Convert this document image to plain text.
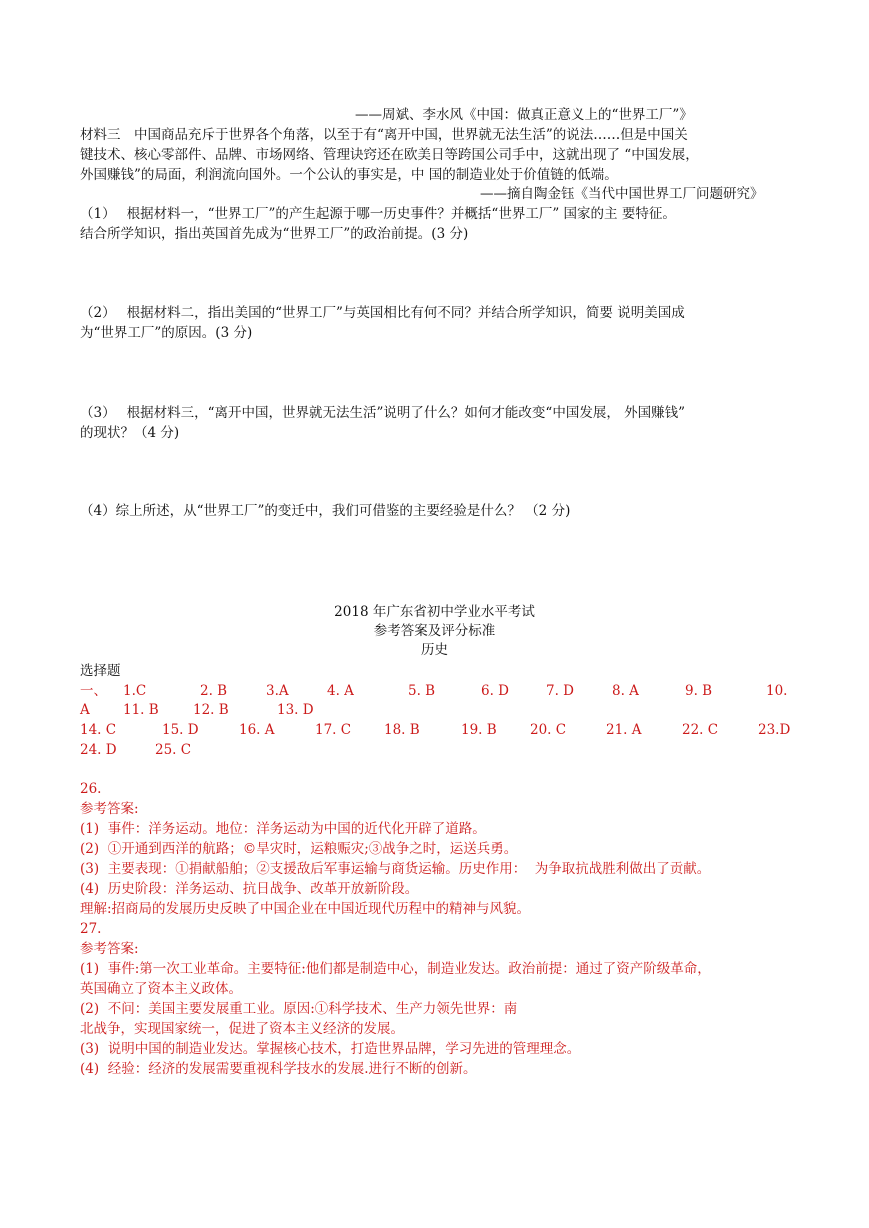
——周斌、李水风《中国：做真正意义上的“世界工厂”》
材料三　中国商品充斥于世界各个角落，以至于有“离开中国，世界就无法生活”的说法……但是中国关
键技术、核心零部件、品牌、市场网络、管理诀窍还在欧美日等跨国公司手中，这就出现了 “中国发展，
外国赚钱”的局面，利润流向国外。一个公认的事实是，中 国的制造业处于价值链的低端。
——摘自陶金钰《当代中国世界工厂问题研究》
（1）　 根据材料一，“世界工厂”的产生起源于哪一历史事件？并概括“世界工厂” 国家的主 要特征。
结合所学知识，指出英国首先成为“世界工厂”的政治前提。(3 分)
（2）　 根据材料二，指出美国的“世界工厂”与英国相比有何不同？并结合所学知识，简要 说明美国成
为“世界工厂”的原因。(3 分)
（3）　 根据材料三，“离开中国，世界就无法生活”说明了什么？如何才能改变“中国发展， 外国赚钱”
的现状？（4 分)
（4）综上所述，从“世界工厂”的变迁中，我们可借鉴的主要经验是什么？ （2 分)
2018 年广东省初中学业水平考试
参考答案及评分标准
历史
选择题
一、 1.C	2. B	3.A	4. A	5. B	6. D	7. D	8. A	9. B	10.
A 11. B	12. B	13. D
14. C	15. D	16. A	17. C 18. B	19. B 20. C	21. A	22. C	23.D
24. D	25. C
26.
参考答案:
(1)  事件：洋务运动。地位：洋务运动为中国的近代化开辟了道路。
(2)  ①开通到西洋的航路；©旱灾时，运粮赈灾;③战争之时，运送兵勇。
(3)  主要表现：①捐献船舶；②支援敌后军事运输与商货运输。历史作用：  为争取抗战胜利做出了贡献。
(4)  历史阶段：洋务运动、抗日战争、改革开放新阶段。
理解:招商局的发展历史反映了中国企业在中国近现代历程中的精神与风貌。
27.
参考答案:
(1)  事件:第一次工业革命。主要特征:他们都是制造中心，制造业发达。政治前提：通过了资产阶级革命，
英国确立了资本主义政体。
(2)  不问：美国主要发展重工业。原因:①科学技术、生产力领先世界：南
北战争，实现国家统一，促进了资本主义经济的发展。
(3)  说明中国的制造业发达。掌握核心技术，打造世界品牌，学习先进的管理理念。
(4)  经验：经济的发展需要重视科学技水的发展.进行不断的创新。
